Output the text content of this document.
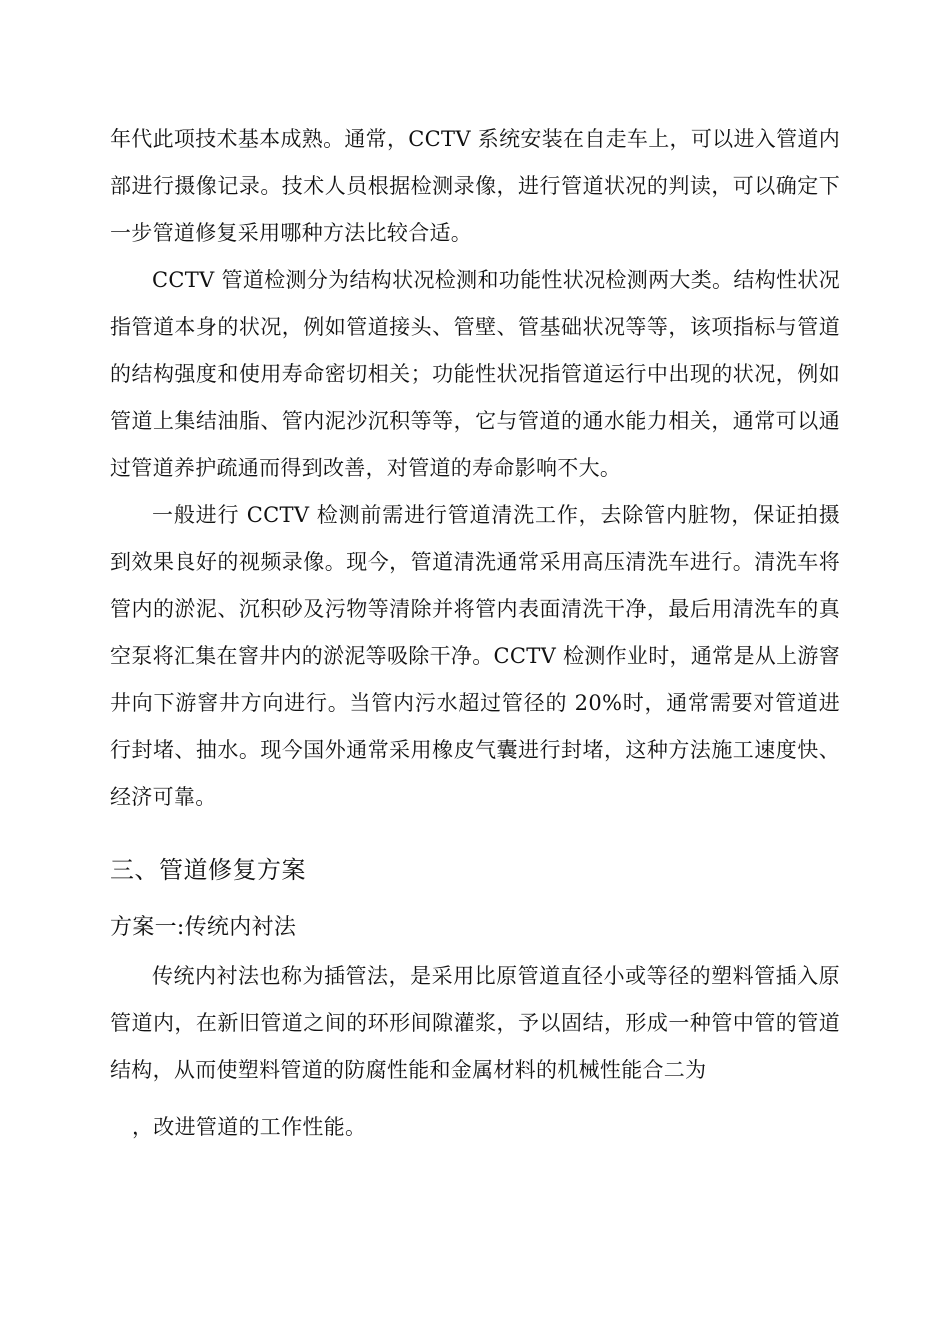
年代此项技术基本成熟。通常，CCTV 系统安装在自走车上，可以进入管道内部进行摄像记录。技术人员根据检测录像，进行管道状况的判读，可以确定下一步管道修复采用哪种方法比较合适。

CCTV 管道检测分为结构状况检测和功能性状况检测两大类。结构性状况指管道本身的状况，例如管道接头、管壁、管基础状况等等，该项指标与管道的结构强度和使用寿命密切相关；功能性状况指管道运行中出现的状况，例如管道上集结油脂、管内泥沙沉积等等，它与管道的通水能力相关，通常可以通过管道养护疏通而得到改善，对管道的寿命影响不大。

一般进行 CCTV 检测前需进行管道清洗工作，去除管内脏物，保证拍摄到效果良好的视频录像。现今，管道清洗通常采用高压清洗车进行。清洗车将管内的淤泥、沉积砂及污物等清除并将管内表面清洗干净，最后用清洗车的真空泵将汇集在窨井内的淤泥等吸除干净。CCTV 检测作业时，通常是从上游窨井向下游窨井方向进行。当管内污水超过管径的 20%时，通常需要对管道进行封堵、抽水。现今国外通常采用橡皮气囊进行封堵，这种方法施工速度快、经济可靠。

三、管道修复方案
方案一:传统内衬法

传统内衬法也称为插管法，是采用比原管道直径小或等径的塑料管插入原管道内，在新旧管道之间的环形间隙灌浆，予以固结，形成一种管中管的管道结构，从而使塑料管道的防腐性能和金属材料的机械性能合二为

，改进管道的工作性能。
